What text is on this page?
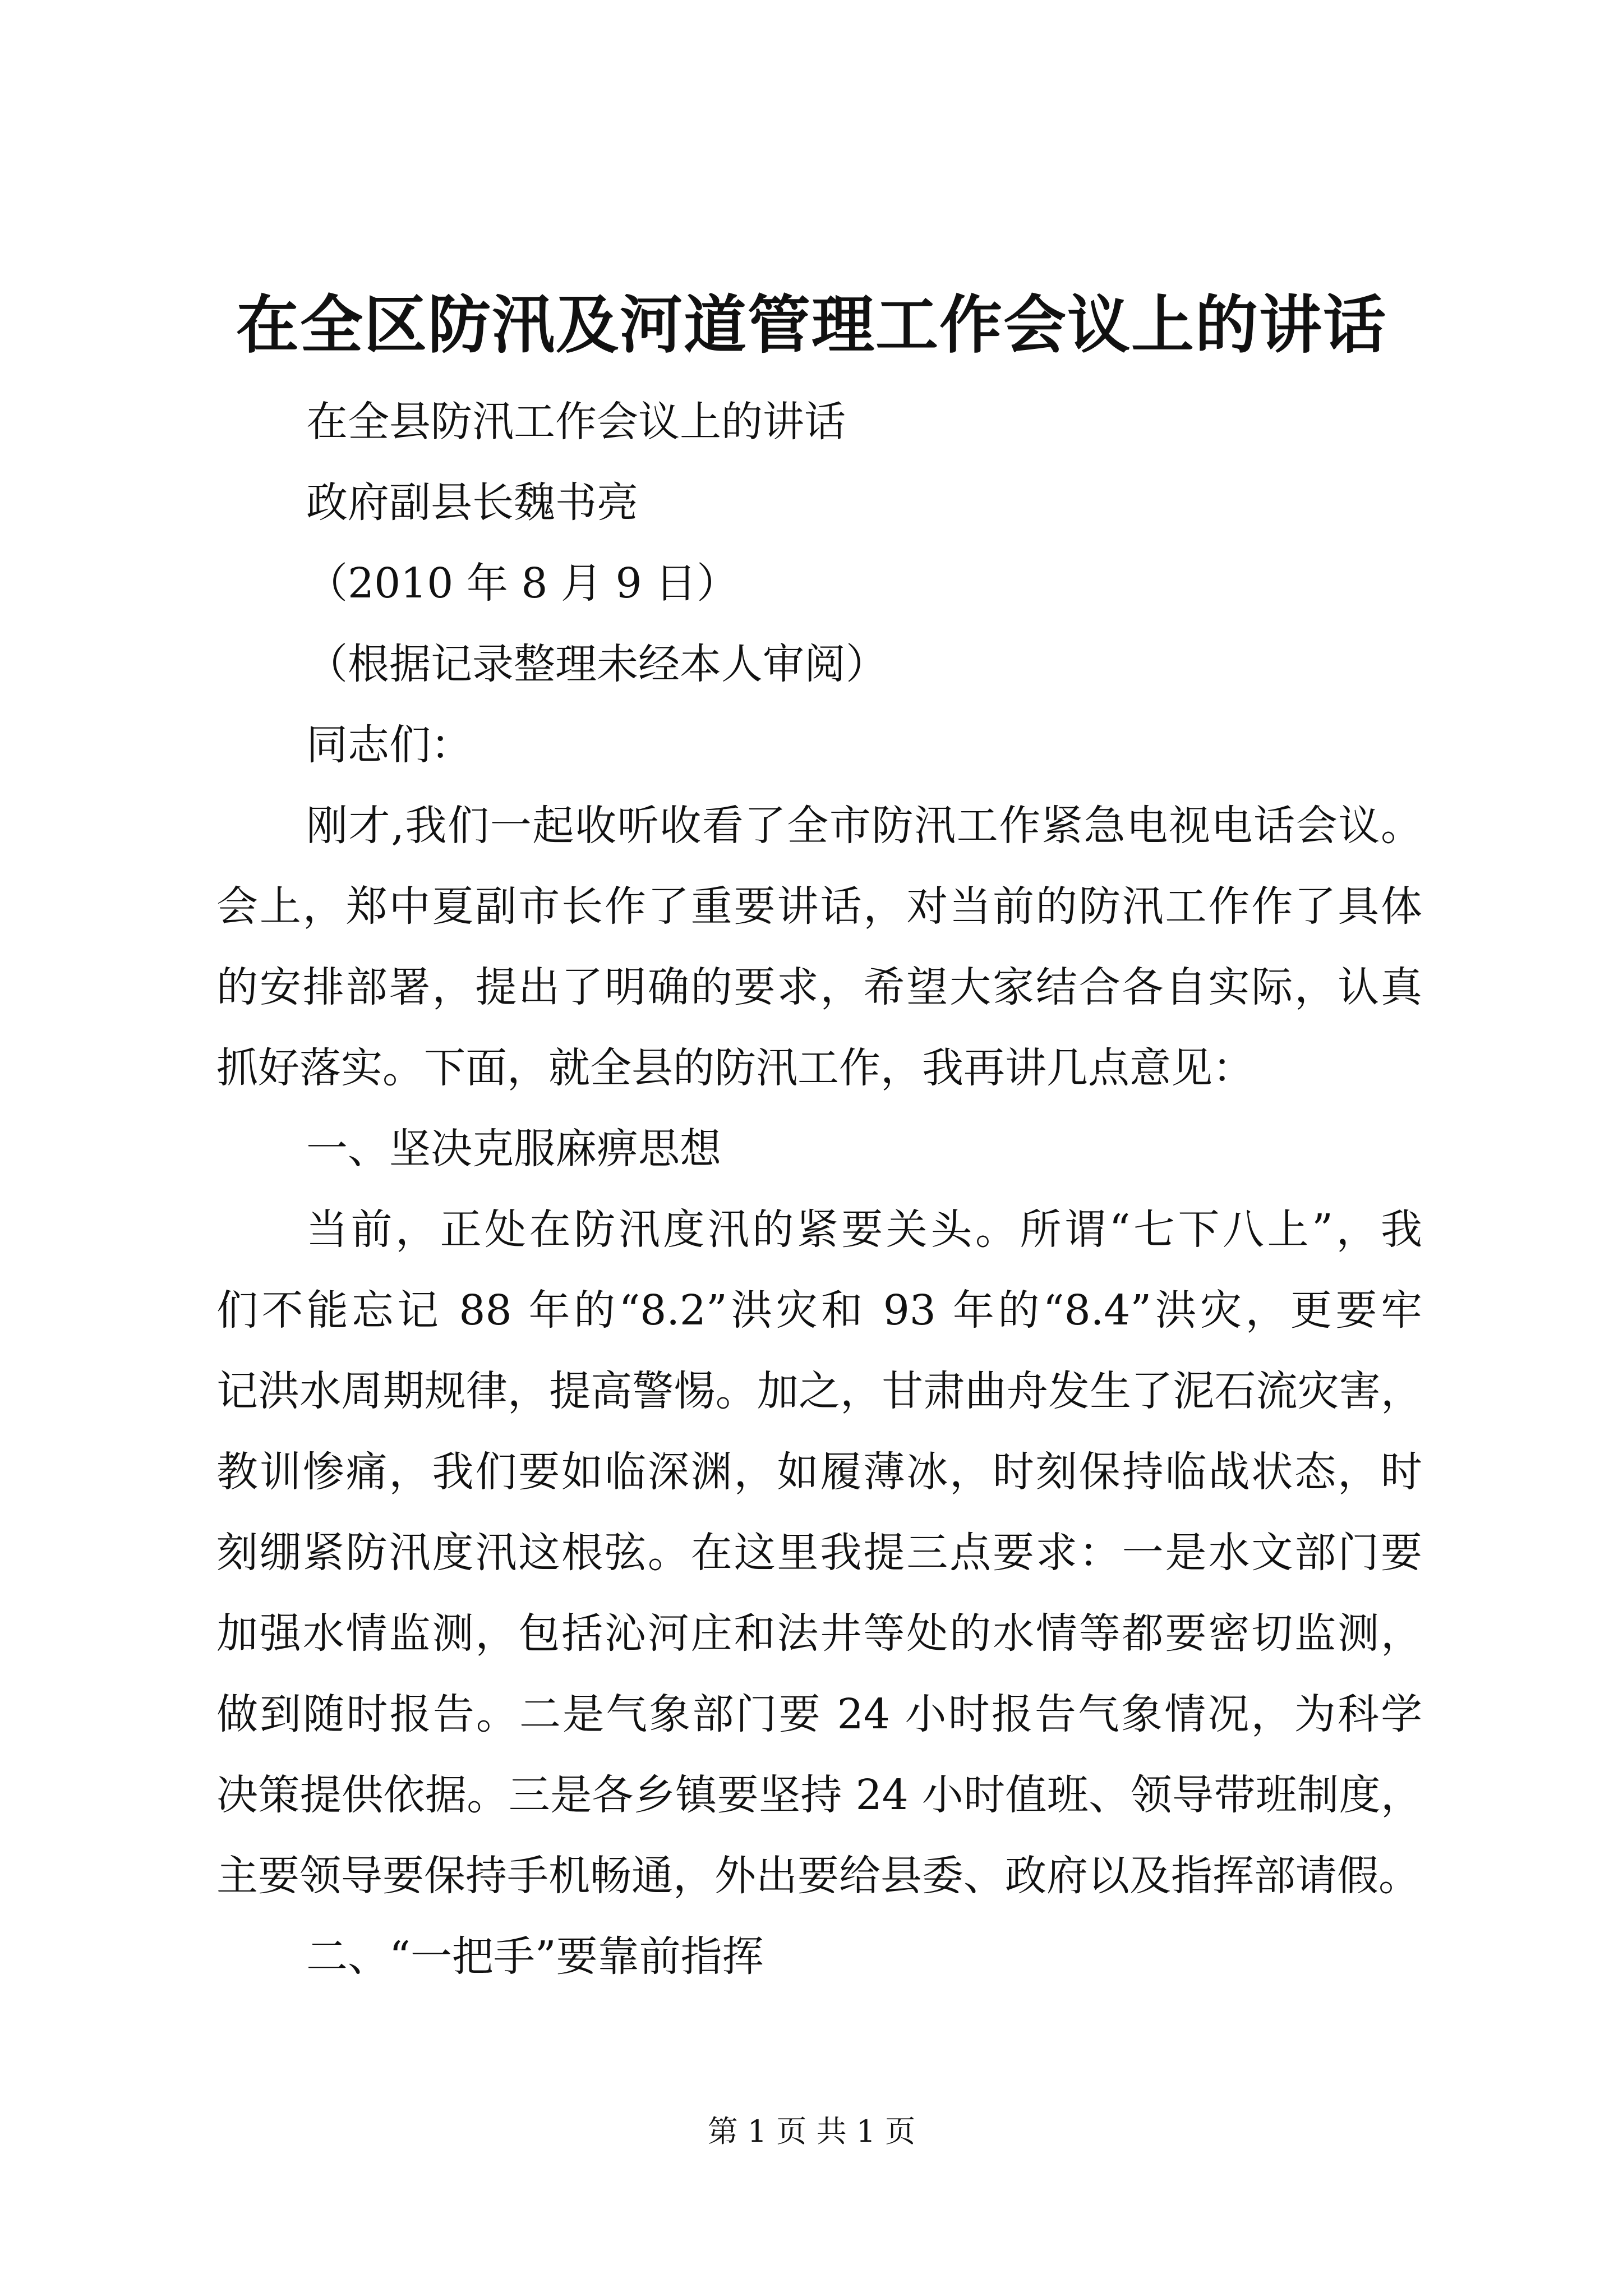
在全区防汛及河道管理工作会议上的讲话
在全县防汛工作会议上的讲话
政府副县长魏书亮
（2010 年 8 月 9 日）
（根据记录整理未经本人审阅）
同志们：
刚才,我们一起收听收看了全市防汛工作紧急电视电话会议。
会上，郑中夏副市长作了重要讲话，对当前的防汛工作作了具体
的安排部署，提出了明确的要求，希望大家结合各自实际，认真
抓好落实。下面，就全县的防汛工作，我再讲几点意见：
一、坚决克服麻痹思想
当前，正处在防汛度汛的紧要关头。所谓“七下八上”，我
们不能忘记 88 年的“8.2”洪灾和 93 年的“8.4”洪灾，更要牢
记洪水周期规律，提高警惕。加之，甘肃曲舟发生了泥石流灾害，
教训惨痛，我们要如临深渊，如履薄冰，时刻保持临战状态，时
刻绷紧防汛度汛这根弦。在这里我提三点要求：一是水文部门要
加强水情监测，包括沁河庄和法井等处的水情等都要密切监测，
做到随时报告。二是气象部门要 24 小时报告气象情况，为科学
决策提供依据。三是各乡镇要坚持 24 小时值班、领导带班制度，
主要领导要保持手机畅通，外出要给县委、政府以及指挥部请假。
二、“一把手”要靠前指挥
第 1 页 共 1 页
